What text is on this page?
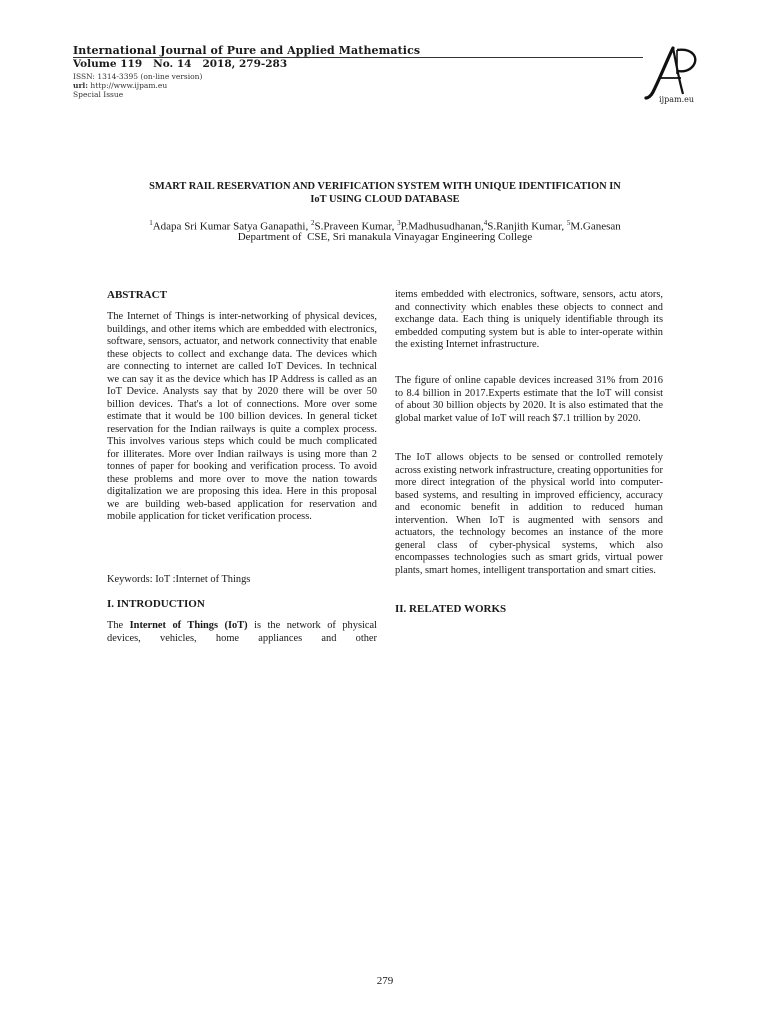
International Journal of Pure and Applied Mathematics
Volume 119   No. 14   2018, 279-283
ISSN: 1314-3395 (on-line version)
url: http://www.ijpam.eu
Special Issue
ijpam.eu
SMART RAIL RESERVATION AND VERIFICATION SYSTEM WITH UNIQUE IDENTIFICATION IN
IoT USING CLOUD DATABASE
$^1$Adapa Sri Kumar Satya Ganapathi, $^2$S.Praveen Kumar, $^3$P.Madhusudhanan,$^4$S.Ranjith Kumar, $^5$M.Ganesan
Department of  CSE, Sri manakula Vinayagar Engineering College
ABSTRACT

The Internet of Things is inter-networking of physical devices, buildings, and other items which are embedded with electronics, software, sensors, actuator, and network connectivity that enable these objects to collect and exchange data. The devices which are connecting to internet are called IoT Devices. In technical we can say it as the device which has IP Address is called as an IoT Device. Analysts say that by 2020 there will be over 50 billion devices. That's a lot of connections. More over some estimate that it would be 100 billion devices. In general ticket reservation for the Indian railways is quite a complex process. This involves various steps which could be much complicated for illiterates. More over Indian railways is using more than 2 tonnes of paper for booking and verification process. To avoid these problems and more over to move the nation towards digitalization we are proposing this idea. Here in this proposal we are building web-based application for reservation and mobile application for ticket verification process.

Keywords: IoT :Internet of Things
I. INTRODUCTION

The Internet of Things (IoT) is the network of physical devices, vehicles, home appliances and other

items embedded with electronics, software, sensors, actu ators, and connectivity which enables these objects to connect and exchange data. Each thing is uniquely identifiable through its embedded computing system but is able to inter-operate within the existing Internet infrastructure.

The figure of online capable devices increased 31% from 2016 to 8.4 billion in 2017.Experts estimate that the IoT will consist of about 30 billion objects by 2020. It is also estimated that the global market value of IoT will reach $7.1 trillion by 2020.

The IoT allows objects to be sensed or controlled remotely across existing network infrastructure, creating opportunities for more direct integration of the physical world into computer-based systems, and resulting in improved efficiency, accuracy and economic benefit in addition to reduced human intervention. When IoT is augmented with sensors and actuators, the technology becomes an instance of the more general class of cyber-physical systems, which also encompasses technologies such as smart grids, virtual power plants, smart homes, intelligent transportation and smart cities.

II. RELATED WORKS
279
